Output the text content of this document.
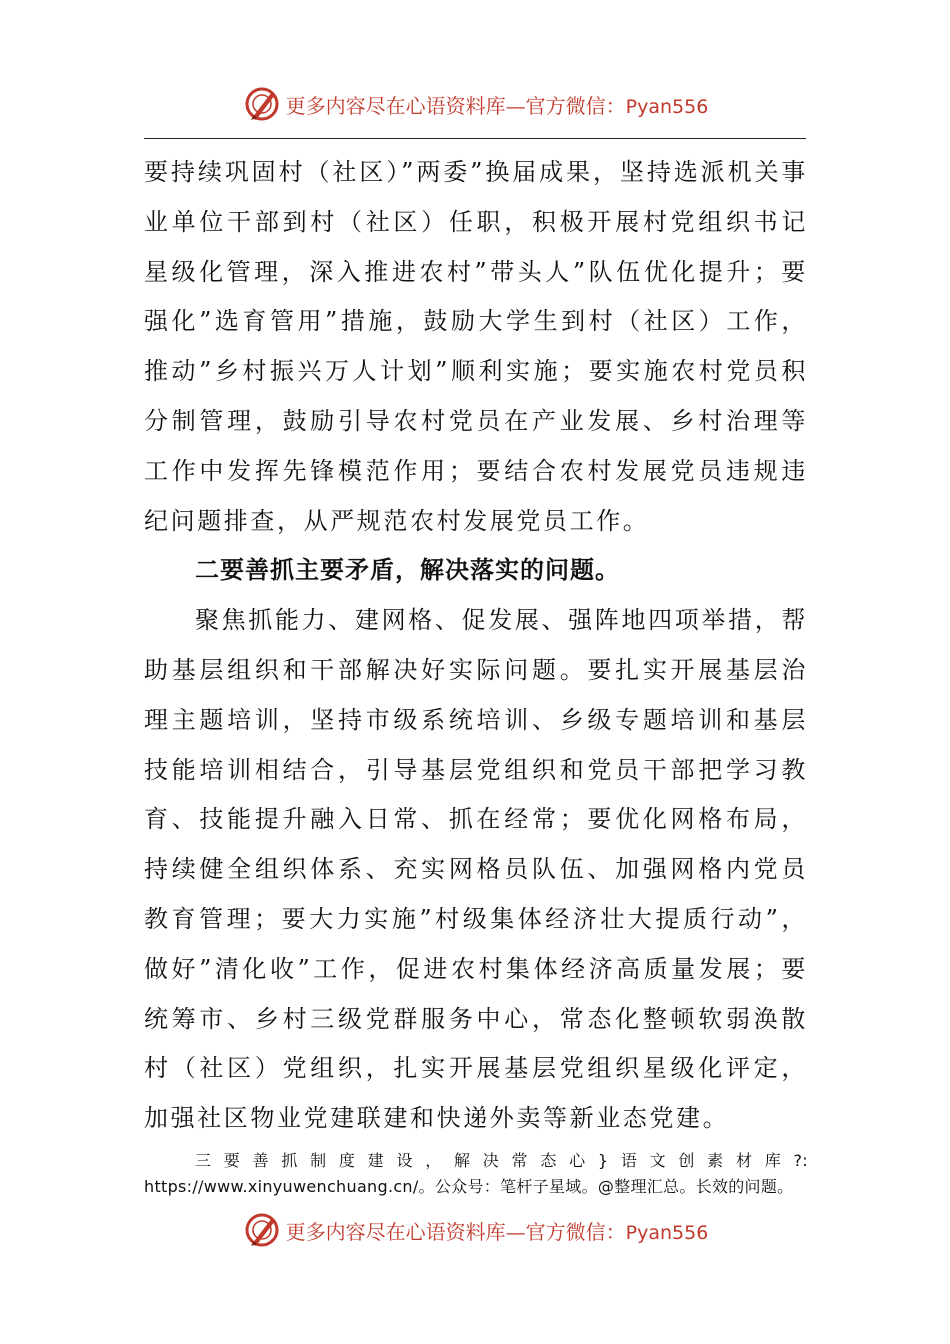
更多内容尽在心语资料库—官方微信：Pyan556

要持续巩固村（社区）”两委”换届成果，坚持选派机关事业单位干部到村（社区）任职，积极开展村党组织书记星级化管理，深入推进农村”带头人”队伍优化提升；要强化”选育管用”措施，鼓励大学生到村（社区）工作，推动”乡村振兴万人计划”顺利实施；要实施农村党员积分制管理，鼓励引导农村党员在产业发展、乡村治理等工作中发挥先锋模范作用；要结合农村发展党员违规违纪问题排查，从严规范农村发展党员工作。

二要善抓主要矛盾，解决落实的问题。

聚焦抓能力、建网格、促发展、强阵地四项举措，帮助基层组织和干部解决好实际问题。要扎实开展基层治理主题培训，坚持市级系统培训、乡级专题培训和基层技能培训相结合，引导基层党组织和党员干部把学习教育、技能提升融入日常、抓在经常；要优化网格布局，持续健全组织体系、充实网格员队伍、加强网格内党员教育管理；要大力实施”村级集体经济壮大提质行动”，做好”清化收”工作，促进农村集体经济高质量发展；要统筹市、乡村三级党群服务中心，常态化整顿软弱涣散村（社区）党组织，扎实开展基层党组织星级化评定，加强社区物业党建联建和快递外卖等新业态党建。

三要善抓制度建设，解决常态心}语文创素材库?: https://www.xinyuwenchuang.cn/。公众号：笔杆子星域。@整理汇总。长效的问题。

更多内容尽在心语资料库—官方微信：Pyan556
